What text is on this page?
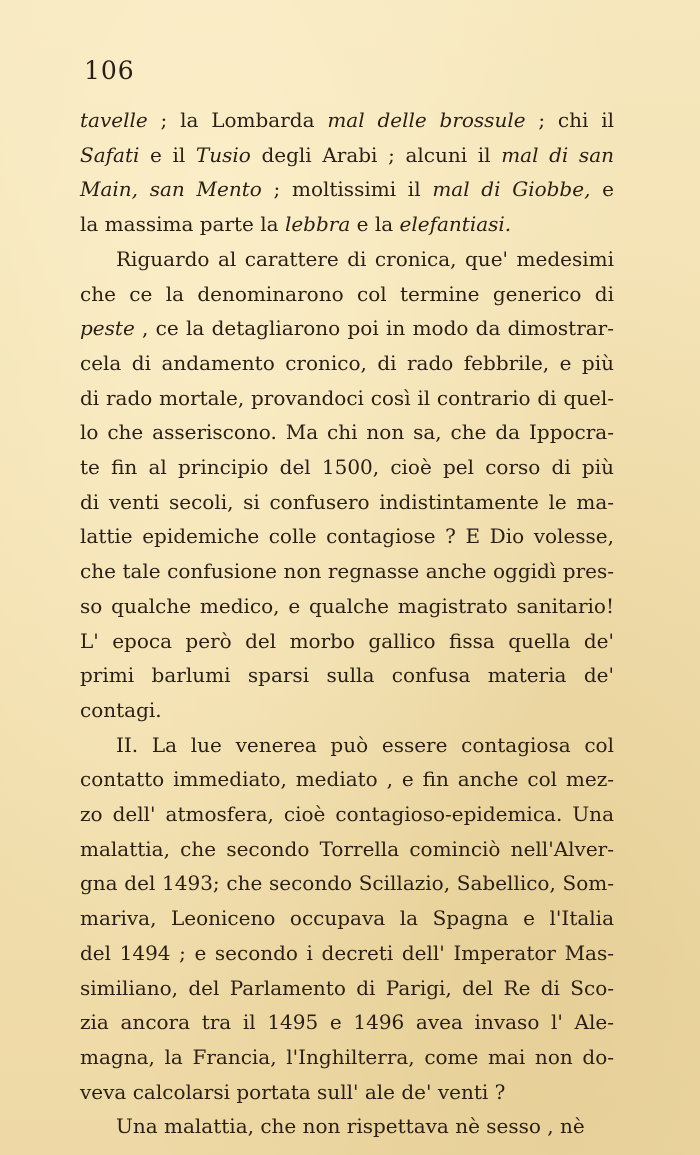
106
tavelle ; la Lombarda mal delle brossule ; chi il
Safati e il Tusio degli Arabi ; alcuni il mal di san
Main, san Mento ; moltissimi il mal di Giobbe, e
la massima parte la lebbra e la elefantiasi.
Riguardo al carattere di cronica, que' medesimi
che ce la denominarono col termine generico di
peste , ce la detagliarono poi in modo da dimostrar-
cela di andamento cronico, di rado febbrile, e più
di rado mortale, provandoci così il contrario di quel-
lo che asseriscono. Ma chi non sa, che da Ippocra-
te fin al principio del 1500, cioè pel corso di più
di venti secoli, si confusero indistintamente le ma-
lattie epidemiche colle contagiose ? E Dio volesse,
che tale confusione non regnasse anche oggidì pres-
so qualche medico, e qualche magistrato sanitario!
L' epoca però del morbo gallico fissa quella de'
primi barlumi sparsi sulla confusa materia de'
contagi.
II. La lue venerea può essere contagiosa col
contatto immediato, mediato , e fin anche col mez-
zo dell' atmosfera, cioè contagioso-epidemica. Una
malattia, che secondo Torrella cominciò nell'Alver-
gna del 1493; che secondo Scillazio, Sabellico, Som-
mariva, Leoniceno occupava la Spagna e l'Italia
del 1494 ; e secondo i decreti dell' Imperator Mas-
similiano, del Parlamento di Parigi, del Re di Sco-
zia ancora tra il 1495 e 1496 avea invaso l' Ale-
magna, la Francia, l'Inghilterra, come mai non do-
veva calcolarsi portata sull' ale de' venti ?
Una malattia, che non rispettava nè sesso , nè
